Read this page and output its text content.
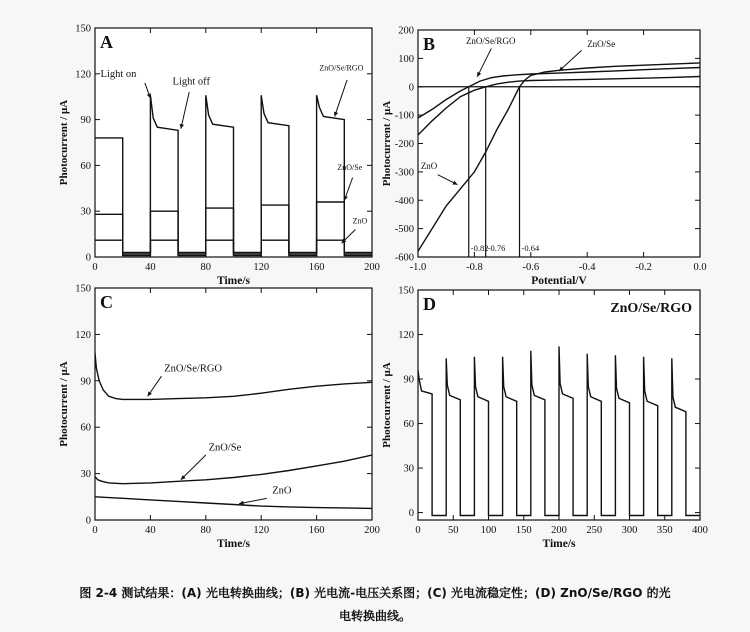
0	40	80	120	160	200
0
30
60
90
120
150
Time/s
Photocurrent / μA
A
Light on
Light off
ZnO/Se/RGO
ZnO/Se
ZnO
-1.0	-0.8	-0.6	-0.4	-0.2	0.0
-600
-500
-400
-300
-200
-100
0
100
200
Potential/V
Photocurrent / μA
B
-0.82 -0.76 -0.64
ZnO/Se/RGO	ZnO/Se
ZnO
0	40	80	120	160	200
0
30
60
90
120
150
Time/s
Photocurrent / μA
C
ZnO/Se/RGO
ZnO/Se
ZnO
0	50 100 150 200 250 300 350 400
0
30
60
90
120
150
Time/s
Photocurrent / μA
D	ZnO/Se/RGO
图 2-4 测试结果：(A) 光电转换曲线；(B) 光电流-电压关系图；(C) 光电流稳定性；(D) ZnO/Se/RGO 的光
电转换曲线。
